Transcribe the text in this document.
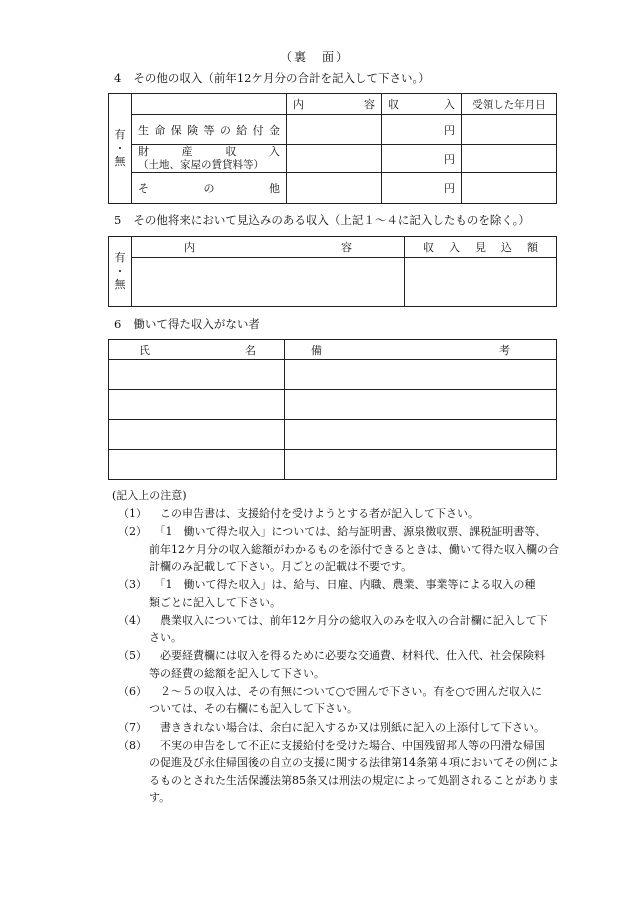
（裏　面）
4 その他の収入（前年12ケ月分の合計を記入して下さい。）
有
・
無		内容	収入	受領した年月日
	生命保険等の給付金		円	

	財産収入
（土地、家屋の賃貸料等）		円	
	その他		円	
5 その他将来において見込みのある収入（上記１～４に記入したものを除く。）
有
・
無	内容	収入見込額

6 働いて得た収入がない者
氏名	備考

(記入上の注意)
（1） 　この申告書は、支援給付を受けようとする者が記入して下さい。
（2）	　「1　働いて得た収入」については、給与証明書、源泉徴収票、課税証明書等、
前年12ケ月分の収入総額がわかるものを添付できるときは、働いて得た収入欄の合
計欄のみ記載して下さい。月ごとの記載は不要です。
（3）	　「1　働いて得た収入」は、給与、日雇、内職、農業、事業等による収入の種
類ごとに記入して下さい。
（4）	　農業収入については、前年12ケ月分の総収入のみを収入の合計欄に記入して下
さい。
（5）	　必要経費欄には収入を得るために必要な交通費、材料代、仕入代、社会保険料
等の経費の総額を記入して下さい。
（6）	　２～５の収入は、その有無について○で囲んで下さい。有を○で囲んだ収入に
ついては、その右欄にも記入して下さい。
（7） 　書ききれない場合は、余白に記入するか又は別紙に記入の上添付して下さい。
（8）	　不実の申告をして不正に支援給付を受けた場合、中国残留邦人等の円滑な帰国
の促進及び永住帰国後の自立の支援に関する法律第14条第４項においてその例によ
るものとされた生活保護法第85条又は刑法の規定によって処罰されることがありま
す。
